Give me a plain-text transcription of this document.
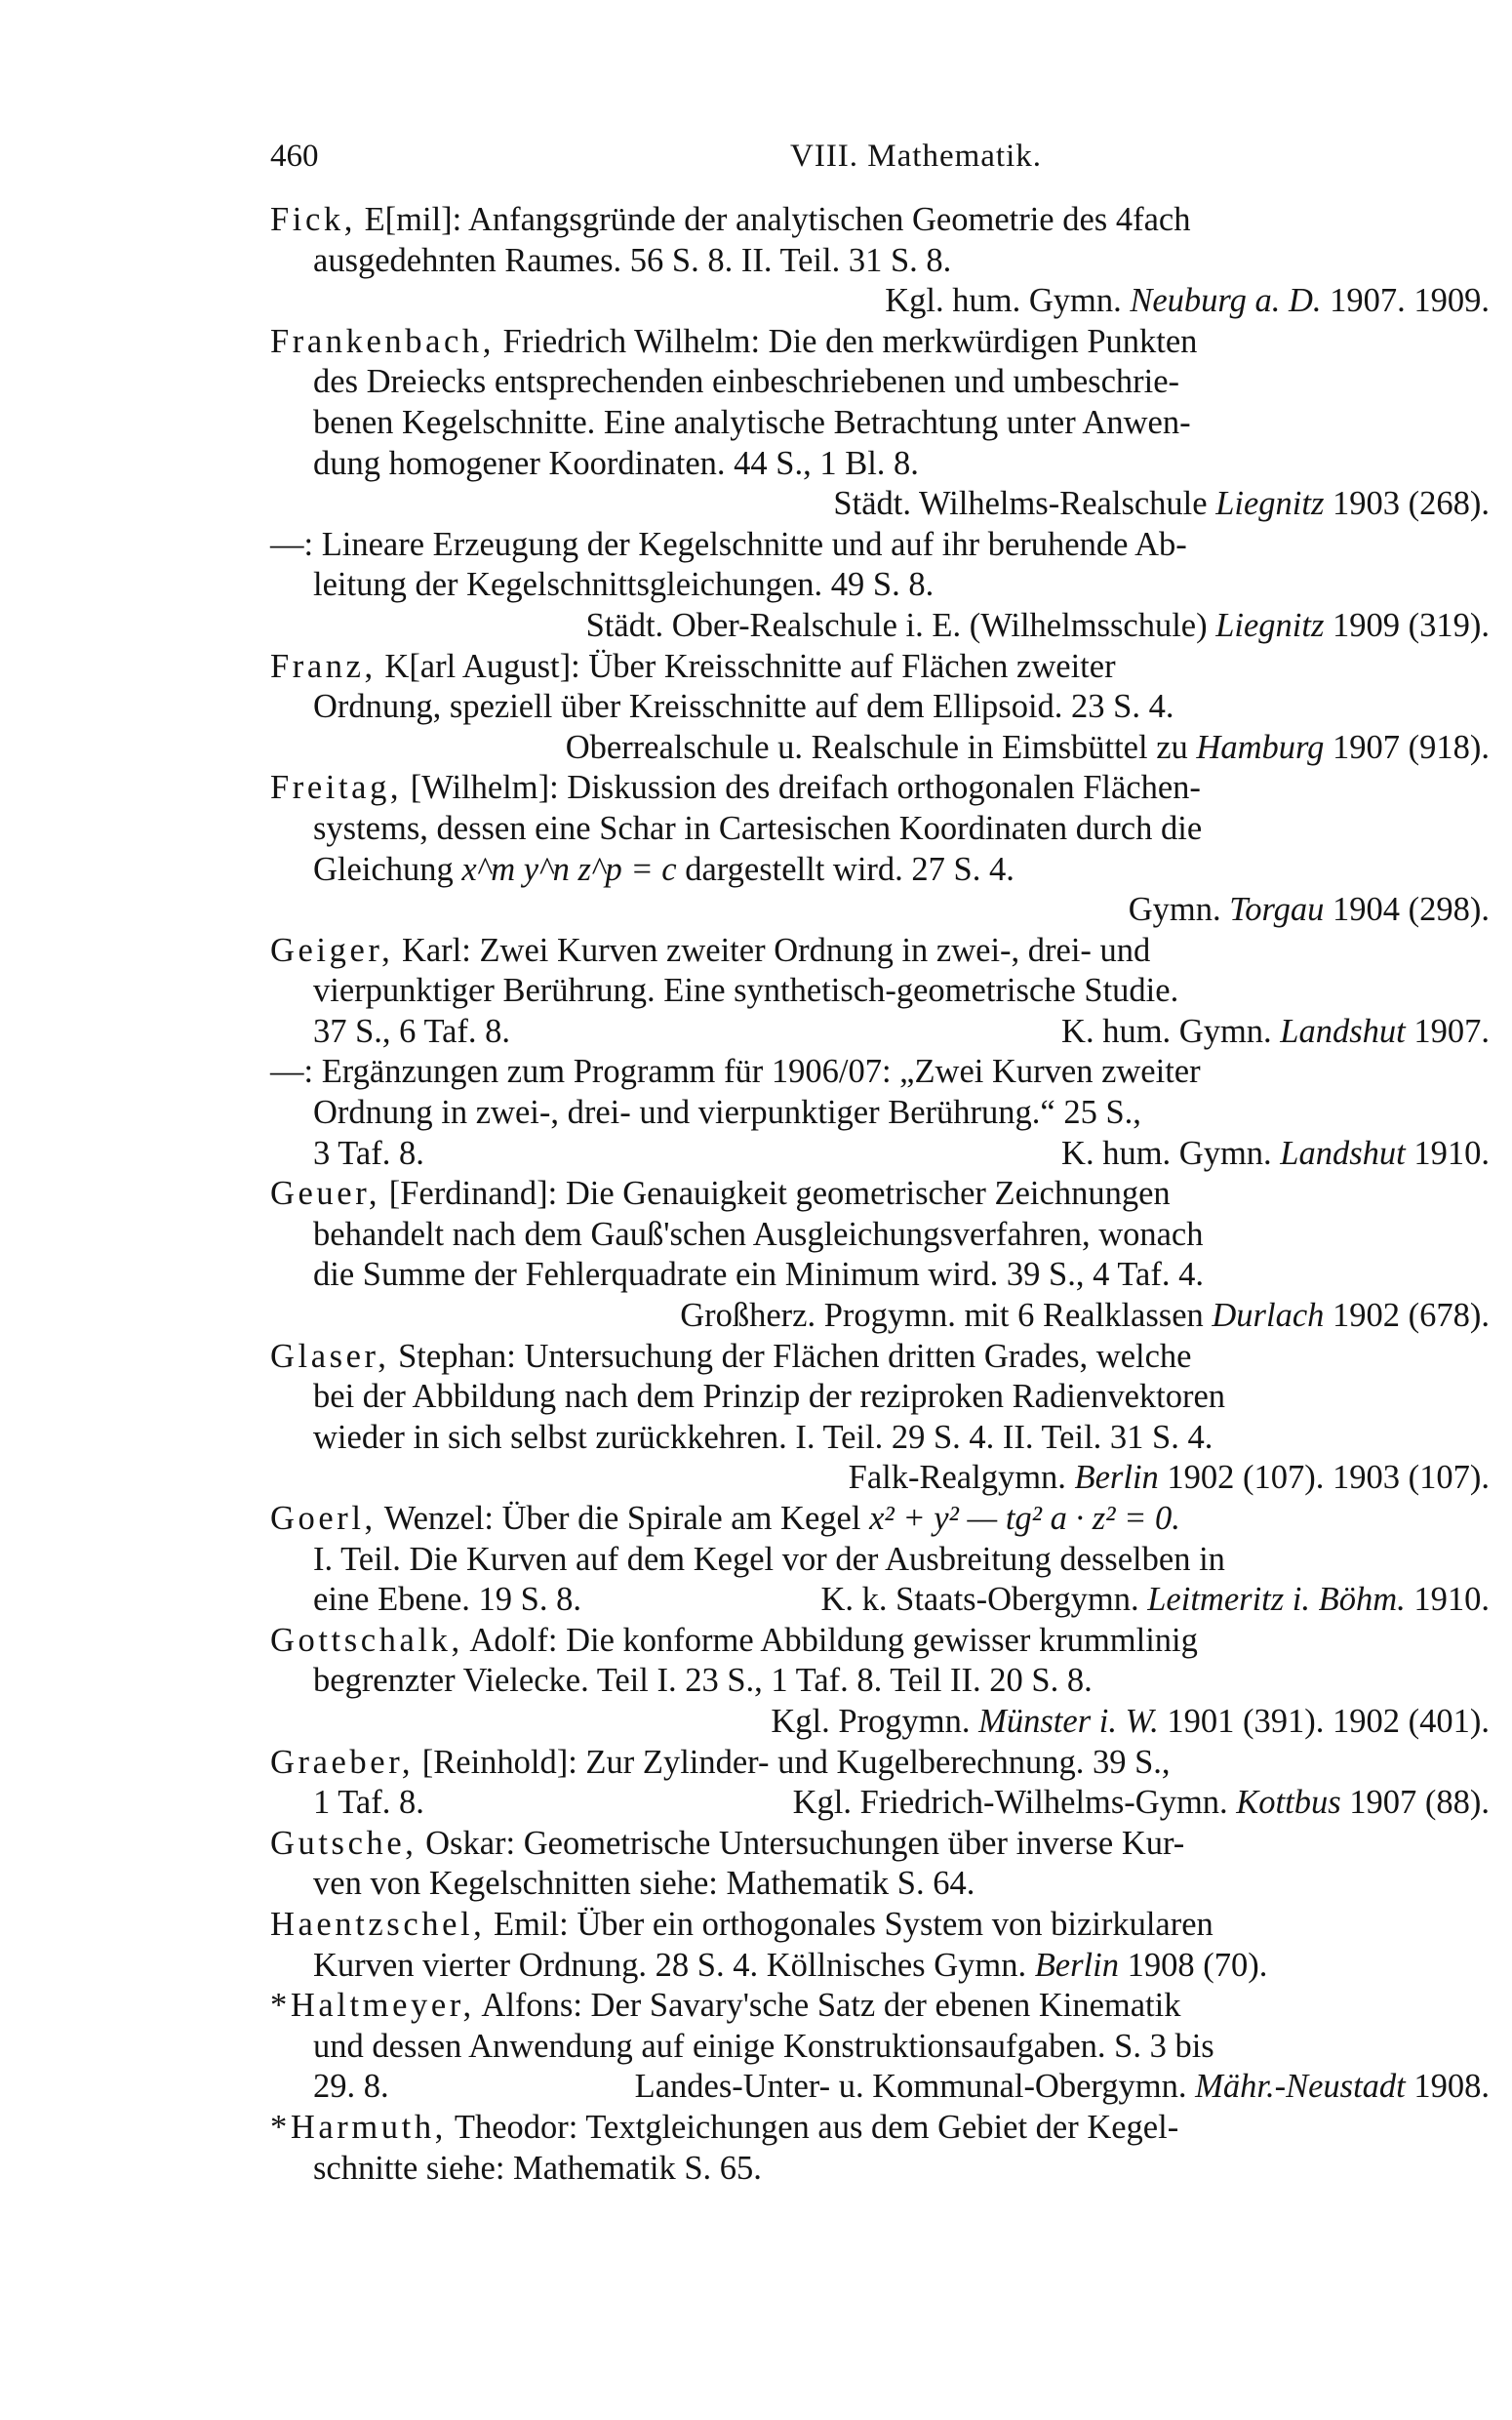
460	VIII. Mathematik.
Fick, E[mil]: Anfangsgründe der analytischen Geometrie des 4fach
ausgedehnten Raumes. 56 S. 8. II. Teil. 31 S. 8.
Kgl. hum. Gymn. Neuburg a. D. 1907. 1909.
Frankenbach, Friedrich Wilhelm: Die den merkwürdigen Punkten
des Dreiecks entsprechenden einbeschriebenen und umbeschrie-
benen Kegelschnitte. Eine analytische Betrachtung unter Anwen-
dung homogener Koordinaten. 44 S., 1 Bl. 8.
Städt. Wilhelms-Realschule Liegnitz 1903 (268).
—: Lineare Erzeugung der Kegelschnitte und auf ihr beruhende Ab-
leitung der Kegelschnittsgleichungen. 49 S. 8.
Städt. Ober-Realschule i. E. (Wilhelmsschule) Liegnitz 1909 (319).
Franz, K[arl August]: Über Kreisschnitte auf Flächen zweiter
Ordnung, speziell über Kreisschnitte auf dem Ellipsoid. 23 S. 4.
Oberrealschule u. Realschule in Eimsbüttel zu Hamburg 1907 (918).
Freitag, [Wilhelm]: Diskussion des dreifach orthogonalen Flächen-
systems, dessen eine Schar in Cartesischen Koordinaten durch die
Gleichung x^m y^n z^p = c dargestellt wird. 27 S. 4.
Gymn. Torgau 1904 (298).
Geiger, Karl: Zwei Kurven zweiter Ordnung in zwei-, drei- und
vierpunktiger Berührung. Eine synthetisch-geometrische Studie.
37 S., 6 Taf. 8.	K. hum. Gymn. Landshut 1907.
—: Ergänzungen zum Programm für 1906/07: „Zwei Kurven zweiter
Ordnung in zwei-, drei- und vierpunktiger Berührung.“ 25 S.,
3 Taf. 8.	K. hum. Gymn. Landshut 1910.
Geuer, [Ferdinand]: Die Genauigkeit geometrischer Zeichnungen
behandelt nach dem Gauß'schen Ausgleichungsverfahren, wonach
die Summe der Fehlerquadrate ein Minimum wird. 39 S., 4 Taf. 4.
Großherz. Progymn. mit 6 Realklassen Durlach 1902 (678).
Glaser, Stephan: Untersuchung der Flächen dritten Grades, welche
bei der Abbildung nach dem Prinzip der reziproken Radienvektoren
wieder in sich selbst zurückkehren. I. Teil. 29 S. 4. II. Teil. 31 S. 4.
Falk-Realgymn. Berlin 1902 (107). 1903 (107).
Goerl, Wenzel: Über die Spirale am Kegel x² + y² — tg² a · z² = 0.
I. Teil. Die Kurven auf dem Kegel vor der Ausbreitung desselben in
eine Ebene. 19 S. 8.	K. k. Staats-Obergymn. Leitmeritz i. Böhm. 1910.
Gottschalk, Adolf: Die konforme Abbildung gewisser krummlinig
begrenzter Vielecke. Teil I. 23 S., 1 Taf. 8. Teil II. 20 S. 8.
Kgl. Progymn. Münster i. W. 1901 (391). 1902 (401).
Graeber, [Reinhold]: Zur Zylinder- und Kugelberechnung. 39 S.,
1 Taf. 8.	Kgl. Friedrich-Wilhelms-Gymn. Kottbus 1907 (88).
Gutsche, Oskar: Geometrische Untersuchungen über inverse Kur-
ven von Kegelschnitten siehe: Mathematik S. 64.
Haentzschel, Emil: Über ein orthogonales System von bizirkularen
Kurven vierter Ordnung. 28 S. 4. Köllnisches Gymn. Berlin 1908 (70).
*Haltmeyer, Alfons: Der Savary'sche Satz der ebenen Kinematik
und dessen Anwendung auf einige Konstruktionsaufgaben. S. 3 bis
29. 8.	Landes-Unter- u. Kommunal-Obergymn. Mähr.-Neustadt 1908.
*Harmuth, Theodor: Textgleichungen aus dem Gebiet der Kegel-
schnitte siehe: Mathematik S. 65.
